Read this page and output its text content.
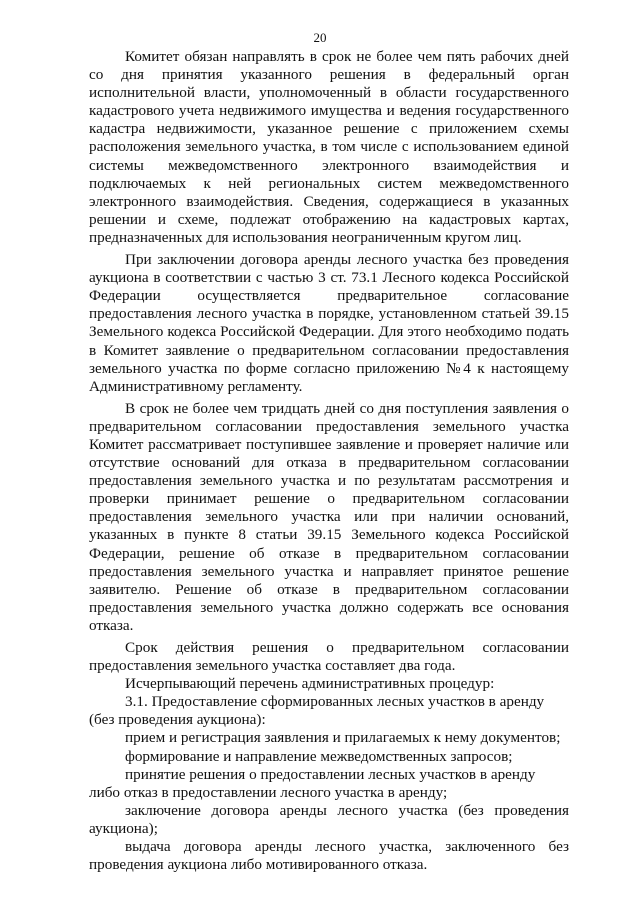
20

Комитет обязан направлять в срок не более чем пять рабочих дней со дня принятия указанного решения в федеральный орган исполнительной власти, уполномоченный в области государственного кадастрового учета недвижимого имущества и ведения государственного кадастра недвижимости, указанное решение с приложением схемы расположения земельного участка, в том числе с использованием единой системы межведомственного электронного взаимодействия и подключаемых к ней региональных систем межведомственного электронного взаимодействия. Сведения, содержащиеся в указанных решении и схеме, подлежат отображению на кадастровых картах, предназначенных для использования неограниченным кругом лиц.

При заключении договора аренды лесного участка без проведения аукциона в соответствии с частью 3 ст. 73.1 Лесного кодекса Российской Федерации осуществляется предварительное согласование предоставления лесного участка в порядке, установленном статьей 39.15 Земельного кодекса Российской Федерации. Для этого необходимо подать в Комитет заявление о предварительном согласовании предоставления земельного участка по форме согласно приложению №4 к настоящему Административному регламенту.

В срок не более чем тридцать дней со дня поступления заявления о предварительном согласовании предоставления земельного участка Комитет рассматривает поступившее заявление и проверяет наличие или отсутствие оснований для отказа в предварительном согласовании предоставления земельного участка и по результатам рассмотрения и проверки принимает решение о предварительном согласовании предоставления земельного участка или при наличии оснований, указанных в пункте 8 статьи 39.15 Земельного кодекса Российской Федерации, решение об отказе в предварительном согласовании предоставления земельного участка и направляет принятое решение заявителю. Решение об отказе в предварительном согласовании предоставления земельного участка должно содержать все основания отказа.

Срок действия решения о предварительном согласовании предоставления земельного участка составляет два года.

Исчерпывающий перечень административных процедур:

3.1. Предоставление сформированных лесных участков в аренду (без проведения аукциона):

прием и регистрация заявления и прилагаемых к нему документов;

формирование и направление межведомственных запросов;

принятие решения о предоставлении лесных участков в аренду либо отказ в предоставлении лесного участка в аренду;

заключение договора аренды лесного участка (без проведения аукциона);

выдача договора аренды лесного участка, заключенного без проведения аукциона либо мотивированного отказа.
